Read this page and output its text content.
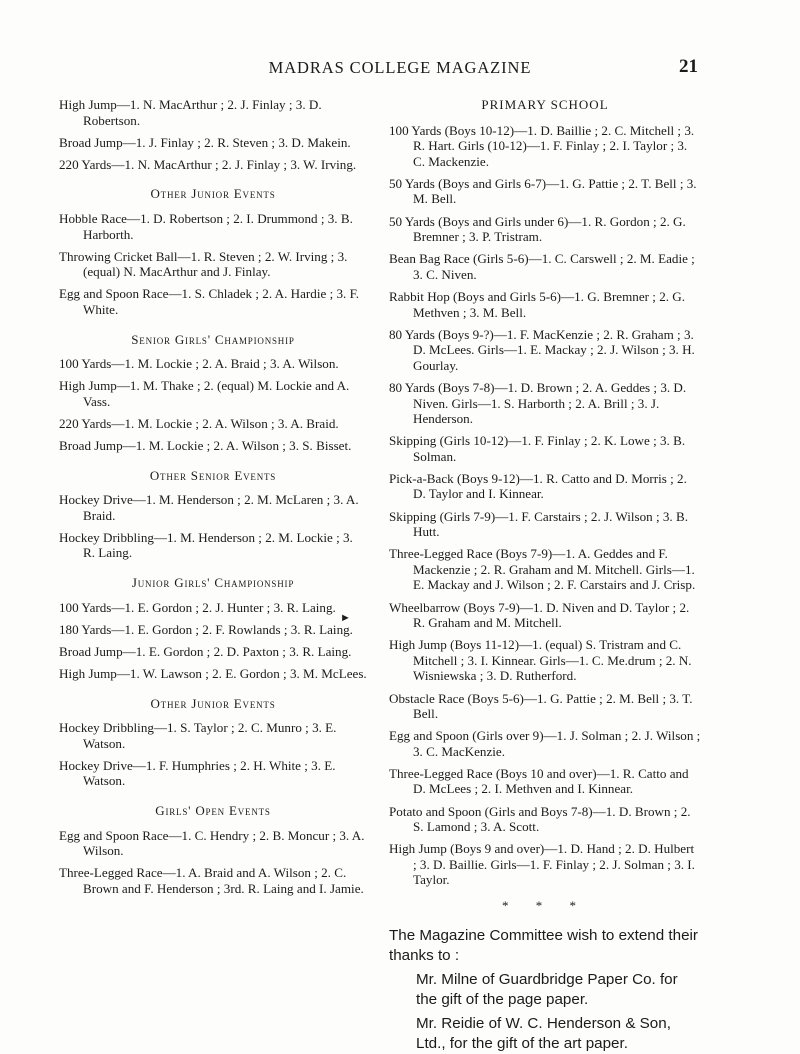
MADRAS COLLEGE MAGAZINE	21
High Jump—1. N. MacArthur ; 2. J. Finlay ; 3. D. Robertson.
Broad Jump—1. J. Finlay ; 2. R. Steven ; 3. D. Makein.
220 Yards—1. N. MacArthur ; 2. J. Finlay ; 3. W. Irving.
Other Junior Events
Hobble Race—1. D. Robertson ; 2. I. Drummond ; 3. B. Harborth.
Throwing Cricket Ball—1. R. Steven ; 2. W. Irving ; 3. (equal) N. MacArthur and J. Finlay.
Egg and Spoon Race—1. S. Chladek ; 2. A. Hardie ; 3. F. White.
Senior Girls' Championship
100 Yards—1. M. Lockie ; 2. A. Braid ; 3. A. Wilson.
High Jump—1. M. Thake ; 2. (equal) M. Lockie and A. Vass.
220 Yards—1. M. Lockie ; 2. A. Wilson ; 3. A. Braid.
Broad Jump—1. M. Lockie ; 2. A. Wilson ; 3. S. Bisset.
Other Senior Events
Hockey Drive—1. M. Henderson ; 2. M. McLaren ; 3. A. Braid.
Hockey Dribbling—1. M. Henderson ; 2. M. Lockie ; 3. R. Laing.
Junior Girls' Championship
100 Yards—1. E. Gordon ; 2. J. Hunter ; 3. R. Laing.
180 Yards—1. E. Gordon ; 2. F. Rowlands ; 3. R. Laing.
Broad Jump—1. E. Gordon ; 2. D. Paxton ; 3. R. Laing.
High Jump—1. W. Lawson ; 2. E. Gordon ; 3. M. McLees.
Other Junior Events
Hockey Dribbling—1. S. Taylor ; 2. C. Munro ; 3. E. Watson.
Hockey Drive—1. F. Humphries ; 2. H. White ; 3. E. Watson.
Girls' Open Events
Egg and Spoon Race—1. C. Hendry ; 2. B. Moncur ; 3. A. Wilson.
Three-Legged Race—1. A. Braid and A. Wilson ; 2. C. Brown and F. Henderson ; 3rd. R. Laing and I. Jamie.
►
PRIMARY SCHOOL
100 Yards (Boys 10-12)—1. D. Baillie ; 2. C. Mitchell ; 3. R. Hart. Girls (10-12)—1. F. Finlay ; 2. I. Taylor ; 3. C. Mackenzie.
50 Yards (Boys and Girls 6-7)—1. G. Pattie ; 2. T. Bell ; 3. M. Bell.
50 Yards (Boys and Girls under 6)—1. R. Gordon ; 2. G. Bremner ; 3. P. Tristram.
Bean Bag Race (Girls 5-6)—1. C. Carswell ; 2. M. Eadie ; 3. C. Niven.
Rabbit Hop (Boys and Girls 5-6)—1. G. Bremner ; 2. G. Methven ; 3. M. Bell.
80 Yards (Boys 9-?)—1. F. MacKenzie ; 2. R. Graham ; 3. D. McLees. Girls—1. E. Mackay ; 2. J. Wilson ; 3. H. Gourlay.
80 Yards (Boys 7-8)—1. D. Brown ; 2. A. Geddes ; 3. D. Niven. Girls—1. S. Harborth ; 2. A. Brill ; 3. J. Henderson.
Skipping (Girls 10-12)—1. F. Finlay ; 2. K. Lowe ; 3. B. Solman.
Pick-a-Back (Boys 9-12)—1. R. Catto and D. Morris ; 2. D. Taylor and I. Kinnear.
Skipping (Girls 7-9)—1. F. Carstairs ; 2. J. Wilson ; 3. B. Hutt.
Three-Legged Race (Boys 7-9)—1. A. Geddes and F. Mackenzie ; 2. R. Graham and M. Mitchell. Girls—1. E. Mackay and J. Wilson ; 2. F. Carstairs and J. Crisp.
Wheelbarrow (Boys 7-9)—1. D. Niven and D. Taylor ; 2. R. Graham and M. Mitchell.
High Jump (Boys 11-12)—1. (equal) S. Tristram and C. Mitchell ; 3. I. Kinnear. Girls—1. C. Me.drum ; 2. N. Wisniewska ; 3. D. Rutherford.
Obstacle Race (Boys 5-6)—1. G. Pattie ; 2. M. Bell ; 3. T. Bell.
Egg and Spoon (Girls over 9)—1. J. Solman ; 2. J. Wilson ; 3. C. MacKenzie.
Three-Legged Race (Boys 10 and over)—1. R. Catto and D. McLees ; 2. I. Methven and I. Kinnear.
Potato and Spoon (Girls and Boys 7-8)—1. D. Brown ; 2. S. Lamond ; 3. A. Scott.
High Jump (Boys 9 and over)—1. D. Hand ; 2. D. Hulbert ; 3. D. Baillie. Girls—1. F. Finlay ; 2. J. Solman ; 3. I. Taylor.
* * *

The Magazine Committee wish to extend their thanks to :

Mr. Milne of Guardbridge Paper Co. for the gift of the page paper.

Mr. Reidie of W. C. Henderson & Son, Ltd., for the gift of the art paper.
